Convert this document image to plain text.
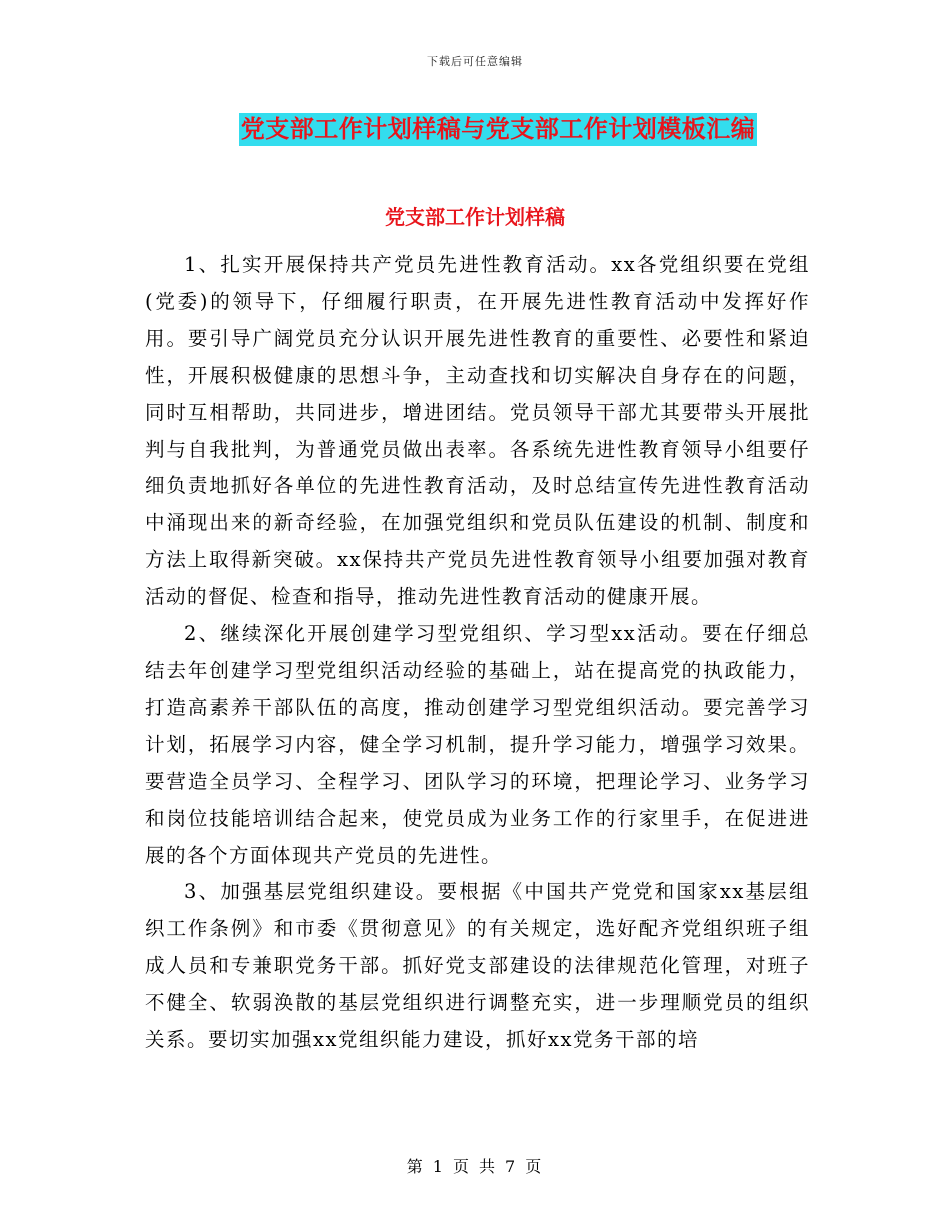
下载后可任意编辑
党支部工作计划样稿与党支部工作计划模板汇编
党支部工作计划样稿

1、扎实开展保持共产党员先进性教育活动。xx各党组织要在党组(党委)的领导下，仔细履行职责，在开展先进性教育活动中发挥好作用。要引导广阔党员充分认识开展先进性教育的重要性、必要性和紧迫性，开展积极健康的思想斗争，主动查找和切实解决自身存在的问题，同时互相帮助，共同进步，增进团结。党员领导干部尤其要带头开展批判与自我批判，为普通党员做出表率。各系统先进性教育领导小组要仔细负责地抓好各单位的先进性教育活动，及时总结宣传先进性教育活动中涌现出来的新奇经验，在加强党组织和党员队伍建设的机制、制度和方法上取得新突破。xx保持共产党员先进性教育领导小组要加强对教育活动的督促、检查和指导，推动先进性教育活动的健康开展。

2、继续深化开展创建学习型党组织、学习型xx活动。要在仔细总结去年创建学习型党组织活动经验的基础上，站在提高党的执政能力，打造高素养干部队伍的高度，推动创建学习型党组织活动。要完善学习计划，拓展学习内容，健全学习机制，提升学习能力，增强学习效果。要营造全员学习、全程学习、团队学习的环境，把理论学习、业务学习和岗位技能培训结合起来，使党员成为业务工作的行家里手，在促进进展的各个方面体现共产党员的先进性。

3、加强基层党组织建设。要根据《中国共产党党和国家xx基层组织工作条例》和市委《贯彻意见》的有关规定，选好配齐党组织班子组成人员和专兼职党务干部。抓好党支部建设的法律规范化管理，对班子不健全、软弱涣散的基层党组织进行调整充实，进一步理顺党员的组织关系。要切实加强xx党组织能力建设，抓好xx党务干部的培

第 1 页 共 7 页
